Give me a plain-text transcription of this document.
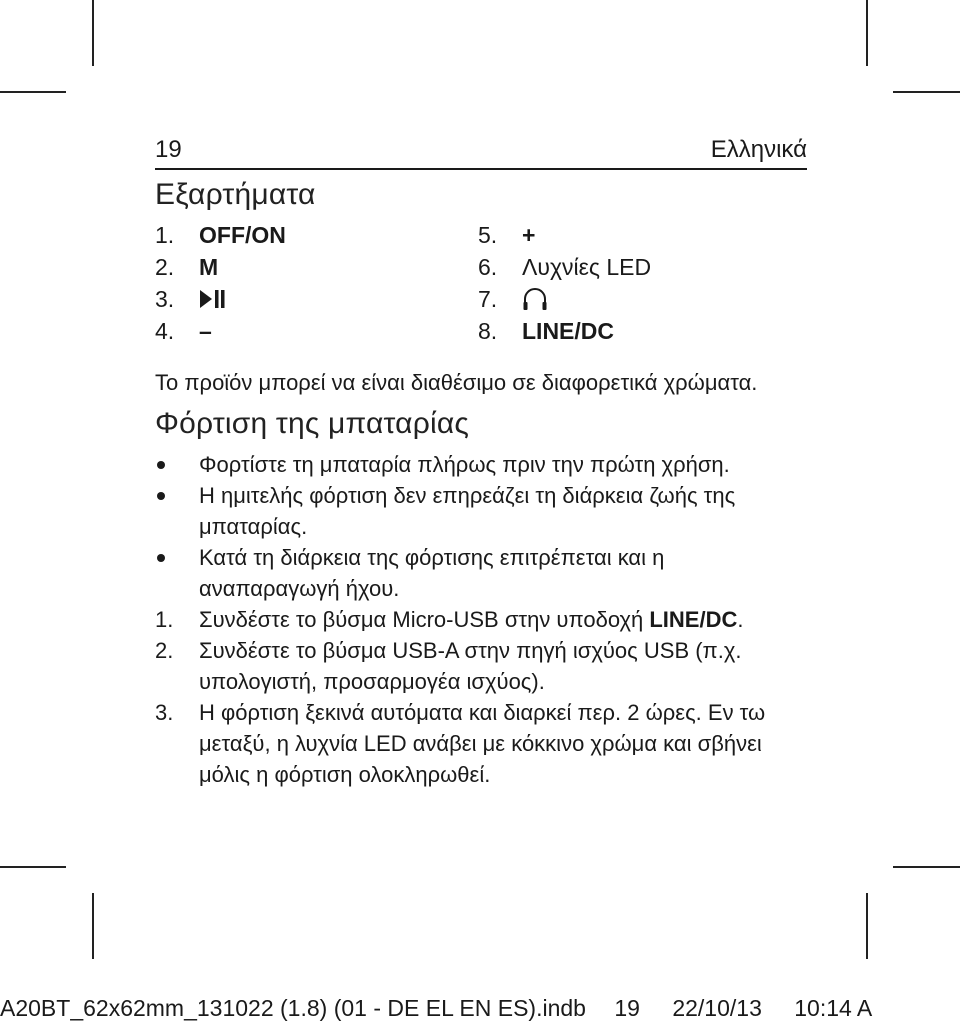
19	Ελληνικά
Εξαρτήματα
1.	OFF/ON	5.	+
2.	M	6.	Λυχνίες LED
3.	7.
4.	–	8.	LINE/DC

Το προϊόν μπορεί να είναι διαθέσιμο σε διαφορετικά χρώματα.

Φόρτιση της μπαταρίας
Φορτίστε τη μπαταρία πλήρως πριν την πρώτη χρήση.
Η ημιτελής φόρτιση δεν επηρεάζει τη διάρκεια ζωής της μπαταρίας.
Κατά τη διάρκεια της φόρτισης επιτρέπεται και η αναπαραγωγή ήχου.
1.	Συνδέστε το βύσμα Micro-USB στην υποδοχή LINE/DC.
2.	Συνδέστε το βύσμα USB-A στην πηγή ισχύος USB (π.χ. υπολογιστή, προσαρμογέα ισχύος).
3.	Η φόρτιση ξεκινά αυτόματα και διαρκεί περ. 2 ώρες. Εν τω μεταξύ, η λυχνία LED ανάβει με κόκκινο χρώμα και σβήνει μόλις η φόρτιση ολοκληρωθεί.
A20BT_62x62mm_131022 (1.8) (01 - DE EL EN ES).indb 19 22/10/13 10:14 A
